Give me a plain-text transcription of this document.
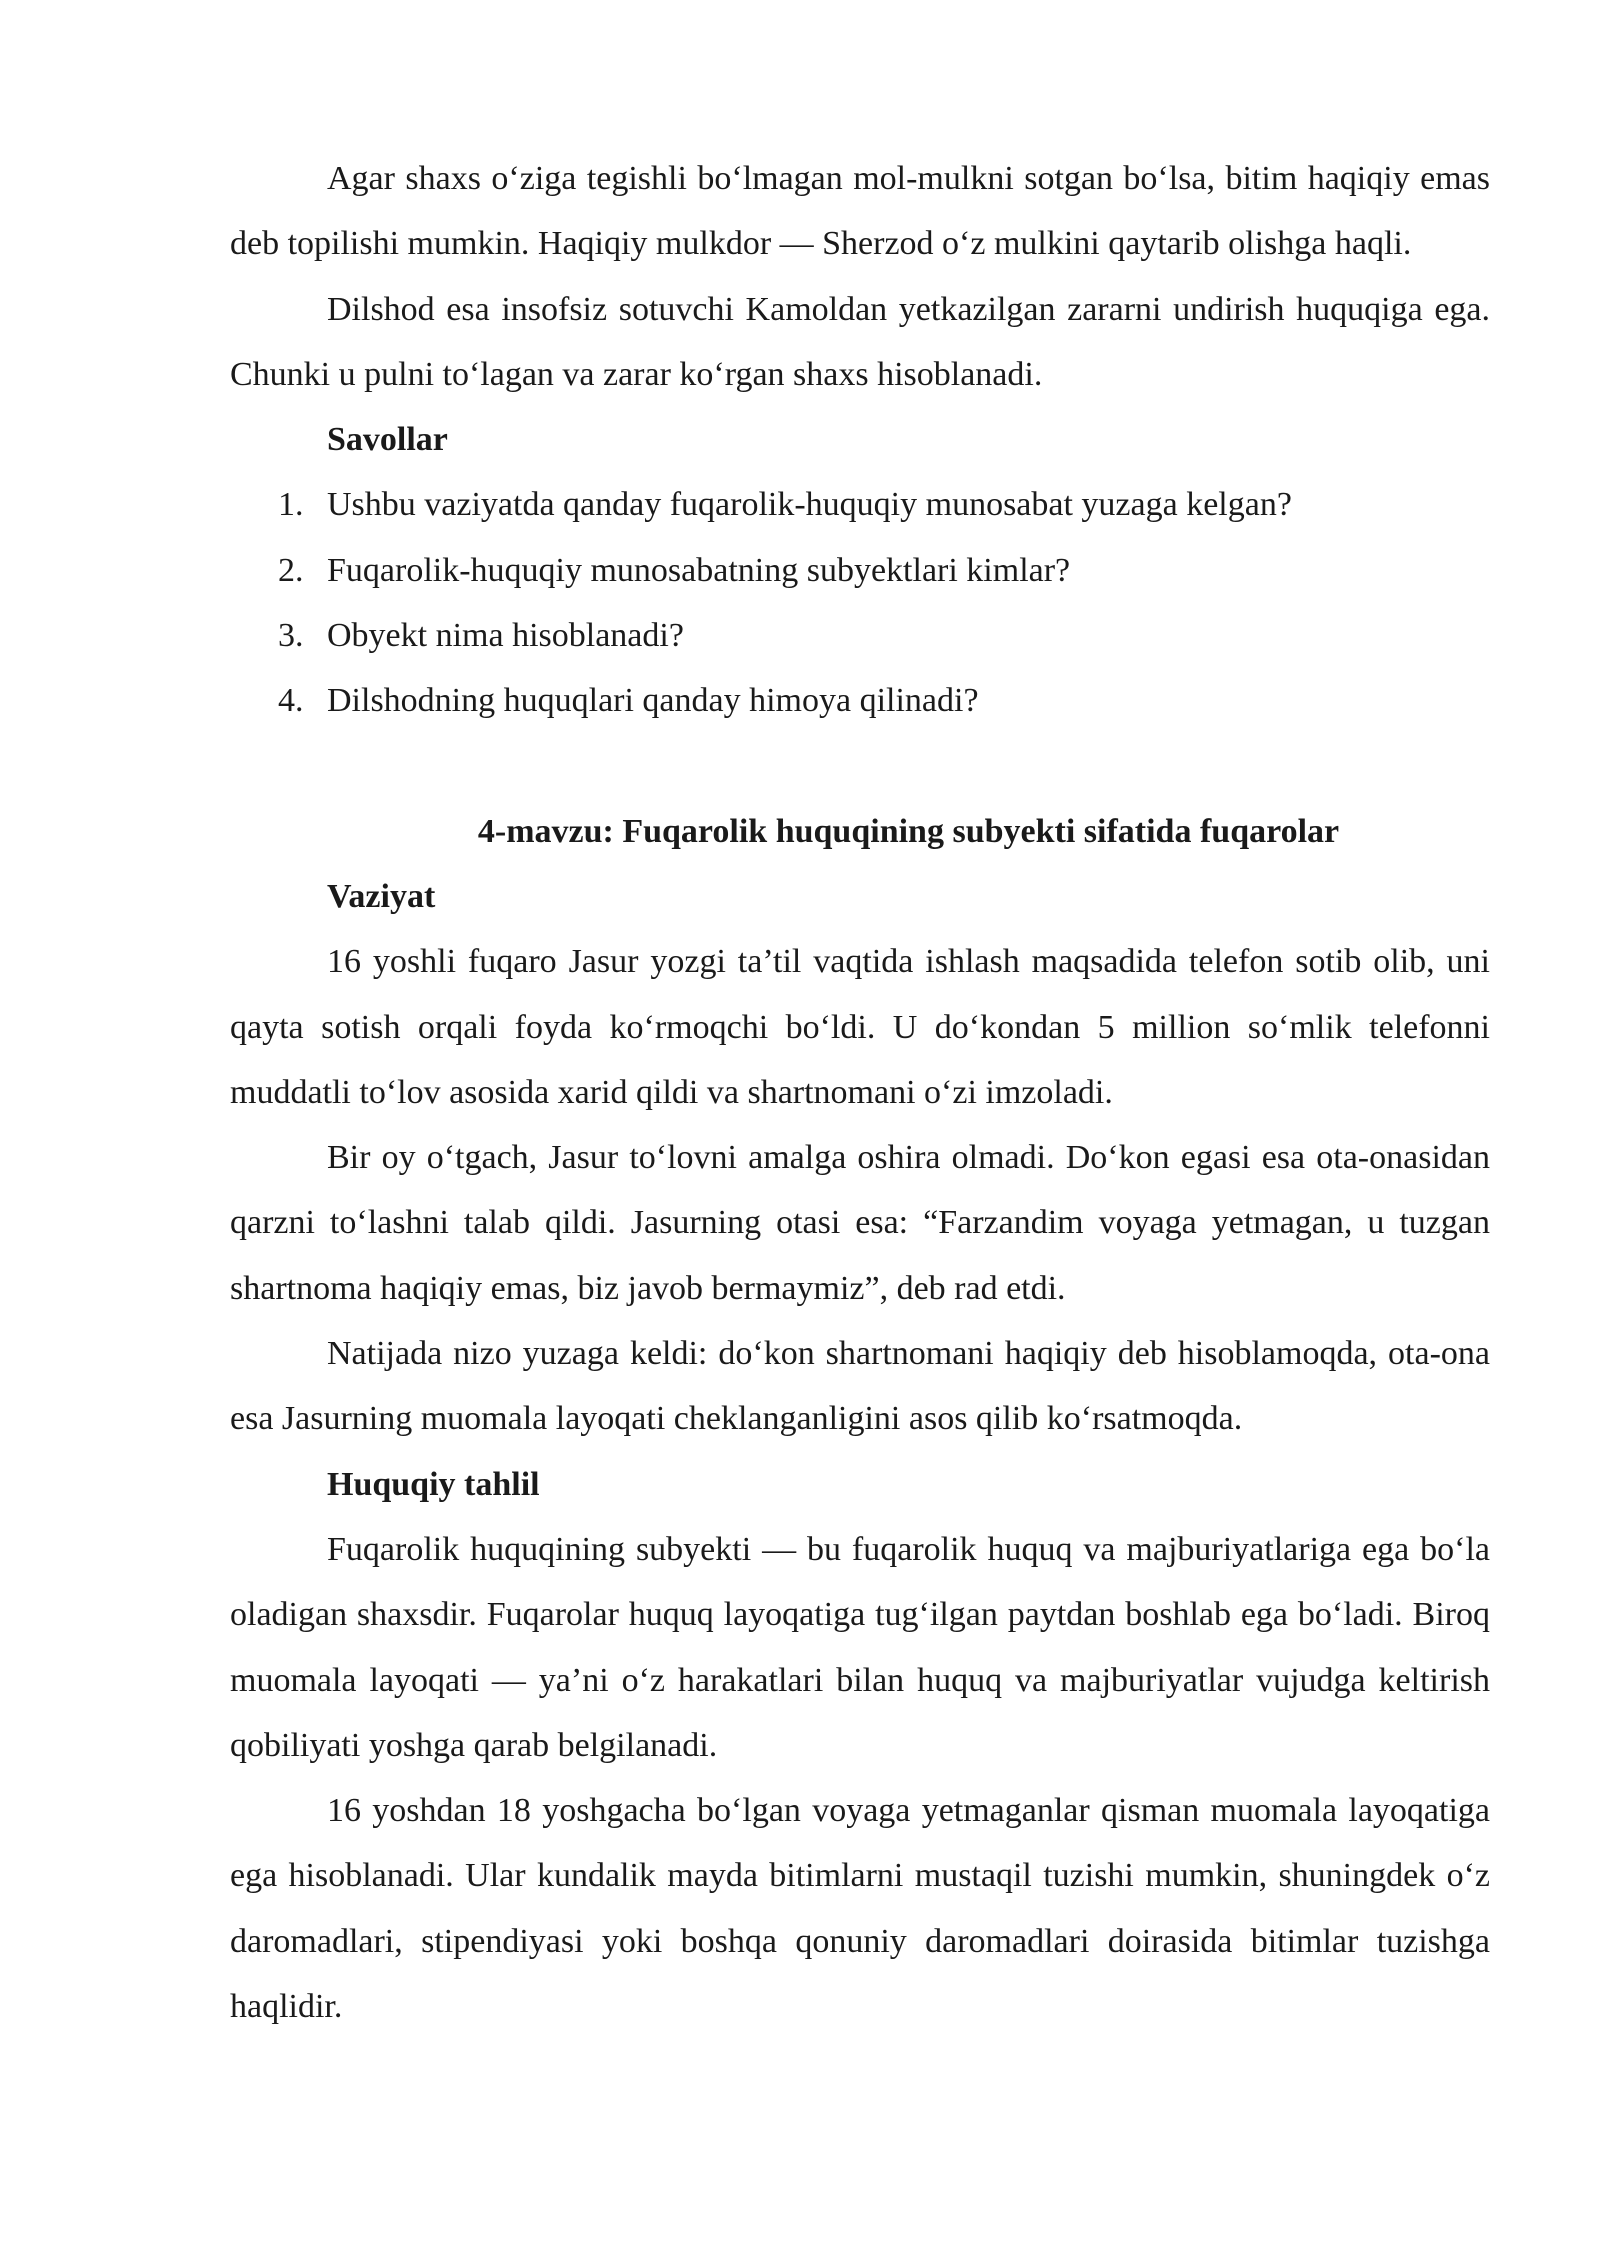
Agar shaxs o‘ziga tegishli bo‘lmagan mol-mulkni sotgan bo‘lsa, bitim haqiqiy emas deb topilishi mumkin. Haqiqiy mulkdor — Sherzod o‘z mulkini qaytarib olishga haqli.

Dilshod esa insofsiz sotuvchi Kamoldan yetkazilgan zararni undirish huquqiga ega. Chunki u pulni to‘lagan va zarar ko‘rgan shaxs hisoblanadi.

Savollar
1. Ushbu vaziyatda qanday fuqarolik-huquqiy munosabat yuzaga kelgan?
2. Fuqarolik-huquqiy munosabatning subyektlari kimlar?
3. Obyekt nima hisoblanadi?
4. Dilshodning huquqlari qanday himoya qilinadi?
4-mavzu: Fuqarolik huquqining subyekti sifatida fuqarolar
Vaziyat

16 yoshli fuqaro Jasur yozgi ta’til vaqtida ishlash maqsadida telefon sotib olib, uni qayta sotish orqali foyda ko‘rmoqchi bo‘ldi. U do‘kondan 5 million so‘mlik telefonni muddatli to‘lov asosida xarid qildi va shartnomani o‘zi imzoladi.

Bir oy o‘tgach, Jasur to‘lovni amalga oshira olmadi. Do‘kon egasi esa ota-onasidan qarzni to‘lashni talab qildi. Jasurning otasi esa: “Farzandim voyaga yetmagan, u tuzgan shartnoma haqiqiy emas, biz javob bermaymiz”, deb rad etdi.

Natijada nizo yuzaga keldi: do‘kon shartnomani haqiqiy deb hisoblamoqda, ota-ona esa Jasurning muomala layoqati cheklanganligini asos qilib ko‘rsatmoqda.

Huquqiy tahlil

Fuqarolik huquqining subyekti — bu fuqarolik huquq va majburiyatlariga ega bo‘la oladigan shaxsdir. Fuqarolar huquq layoqatiga tug‘ilgan paytdan boshlab ega bo‘ladi. Biroq muomala layoqati — ya’ni o‘z harakatlari bilan huquq va majburiyatlar vujudga keltirish qobiliyati yoshga qarab belgilanadi.

16 yoshdan 18 yoshgacha bo‘lgan voyaga yetmaganlar qisman muomala layoqatiga ega hisoblanadi. Ular kundalik mayda bitimlarni mustaqil tuzishi mumkin, shuningdek o‘z daromadlari, stipendiyasi yoki boshqa qonuniy daromadlari doirasida bitimlar tuzishga haqlidir.
